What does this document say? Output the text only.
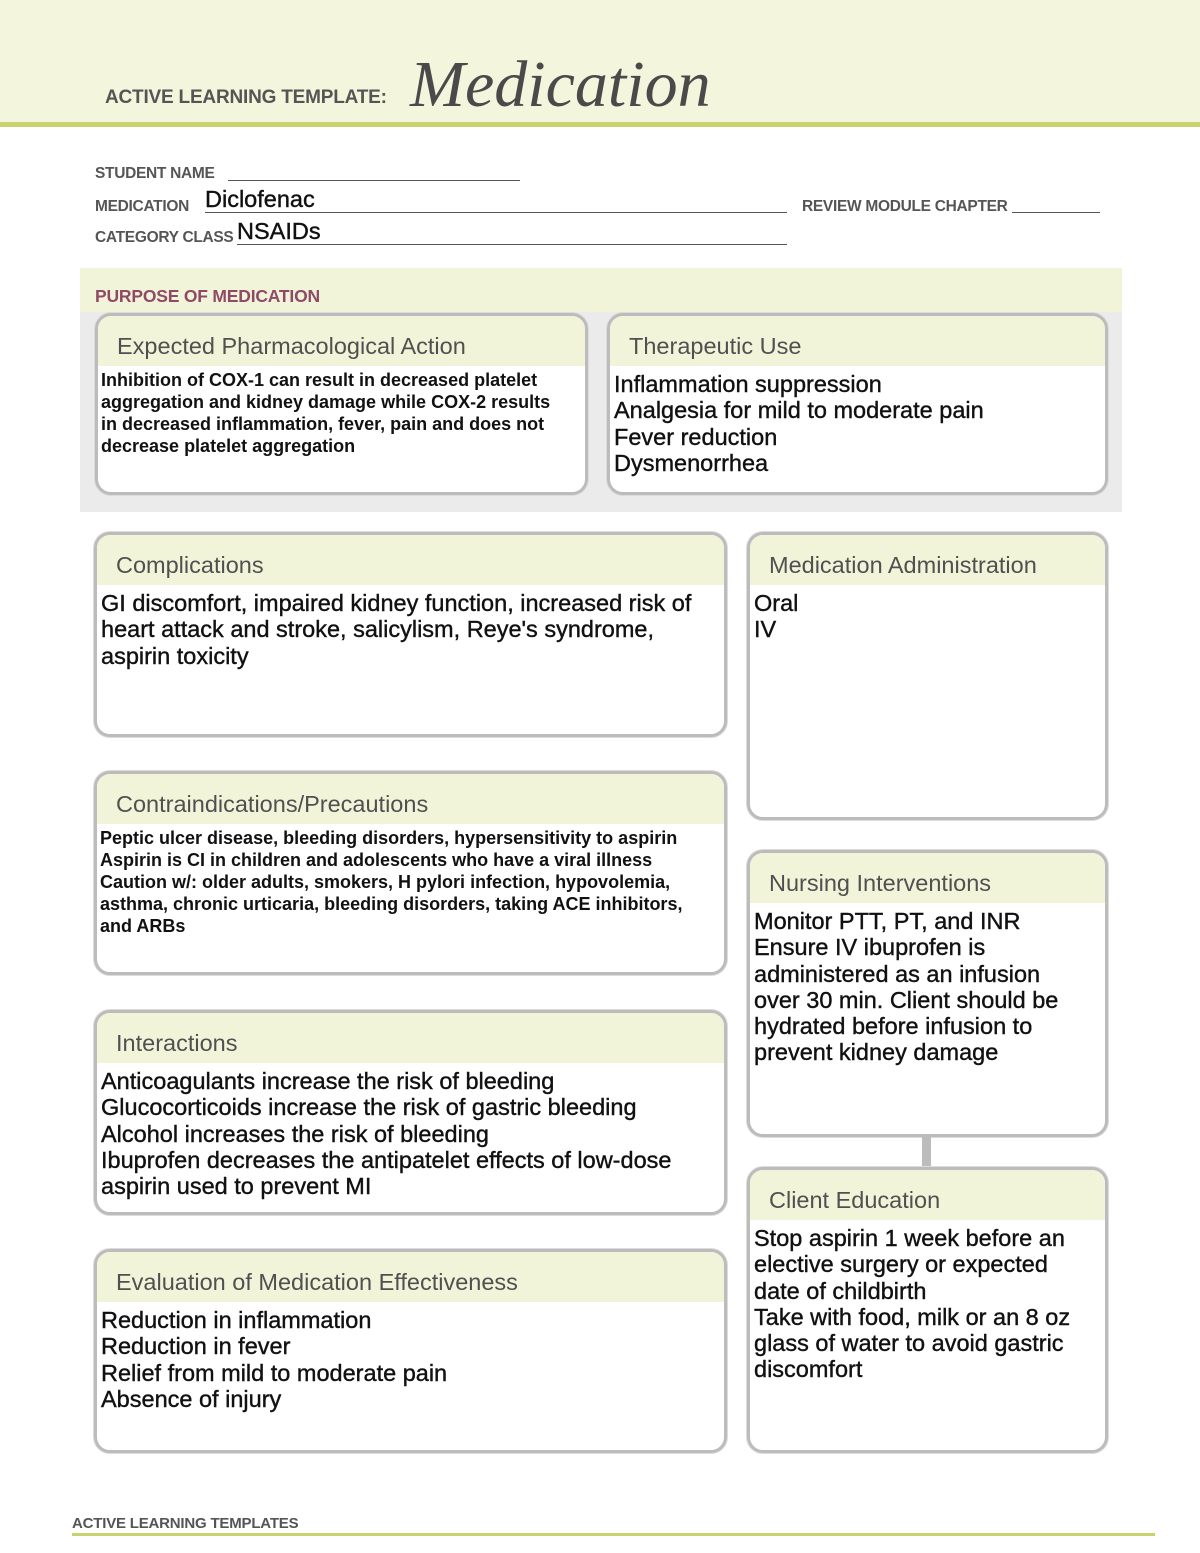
ACTIVE LEARNING TEMPLATE: Medication
STUDENT NAME
MEDICATION Diclofenac	REVIEW MODULE CHAPTER
CATEGORY CLASS NSAIDs
PURPOSE OF MEDICATION
Expected Pharmacological Action
Inhibition of COX-1 can result in decreased platelet
aggregation and kidney damage while COX-2 results
in decreased inflammation, fever, pain and does not
decrease platelet aggregation
Therapeutic Use
Inflammation suppression
Analgesia for mild to moderate pain
Fever reduction
Dysmenorrhea
Complications
GI discomfort, impaired kidney function, increased risk of
heart attack and stroke, salicylism, Reye's syndrome,
aspirin toxicity
Medication Administration
Oral
IV
Contraindications/Precautions
Peptic ulcer disease, bleeding disorders, hypersensitivity to aspirin
Aspirin is CI in children and adolescents who have a viral illness
Caution w/: older adults, smokers, H pylori infection, hypovolemia,
asthma, chronic urticaria, bleeding disorders, taking ACE inhibitors,
and ARBs
Nursing Interventions
Monitor PTT, PT, and INR
Ensure IV ibuprofen is
administered as an infusion
over 30 min. Client should be
hydrated before infusion to
prevent kidney damage
Interactions
Anticoagulants increase the risk of bleeding
Glucocorticoids increase the risk of gastric bleeding
Alcohol increases the risk of bleeding
Ibuprofen decreases the antipatelet effects of low-dose
aspirin used to prevent MI
Client Education
Stop aspirin 1 week before an
elective surgery or expected
date of childbirth
Take with food, milk or an 8 oz
glass of water to avoid gastric
discomfort
Evaluation of Medication Effectiveness
Reduction in inflammation
Reduction in fever
Relief from mild to moderate pain
Absence of injury
ACTIVE LEARNING TEMPLATES
